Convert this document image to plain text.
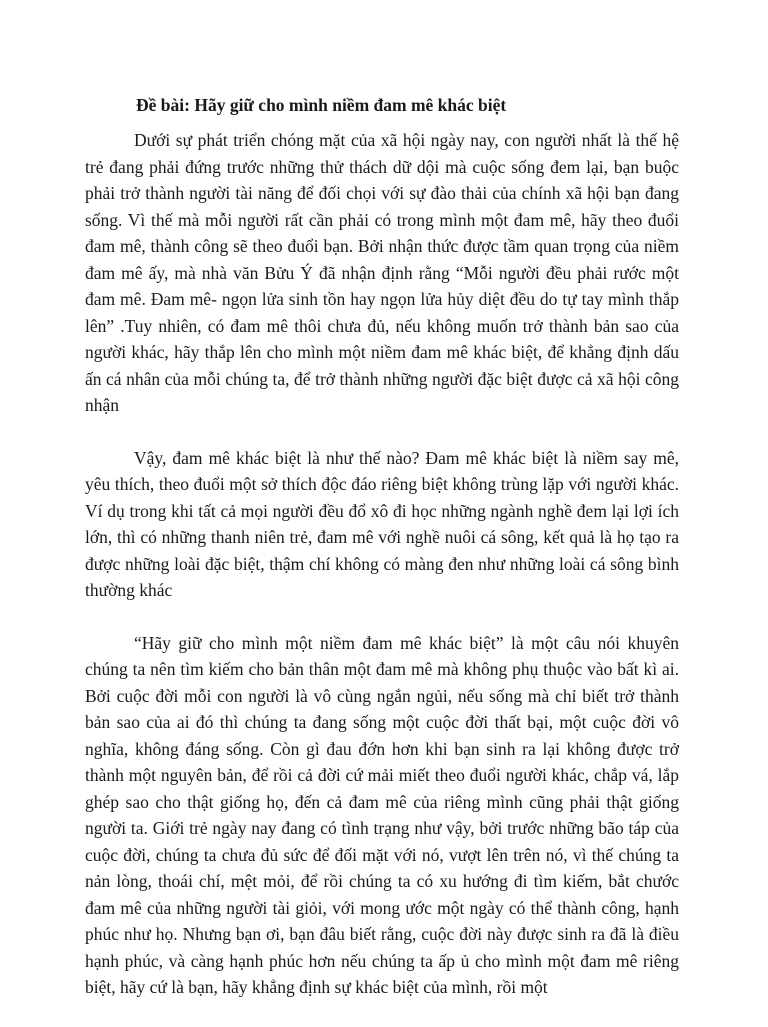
Đề bài: Hãy giữ cho mình niềm đam mê khác biệt

Dưới sự phát triển chóng mặt của xã hội ngày nay, con người nhất là thế hệ trẻ đang phải đứng trước những thử thách dữ dội mà cuộc sống đem lại, bạn buộc phải trở thành người tài năng để đối chọi với sự đào thải của chính xã hội bạn đang sống. Vì thế mà mỗi người rất cần phải có trong mình một đam mê, hãy theo đuổi đam mê, thành công sẽ theo đuổi bạn. Bởi nhận thức được tầm quan trọng của niềm đam mê ấy, mà nhà văn Bửu Ý đã nhận định rằng “Mỗi người đều phải rước một đam mê. Đam mê- ngọn lửa sinh tồn hay ngọn lửa hủy diệt đều do tự tay mình thắp lên” .Tuy nhiên, có đam mê thôi chưa đủ, nếu không muốn trở thành bản sao của người khác, hãy thắp lên cho mình một niềm đam mê khác biệt, để khẳng định dấu ấn cá nhân của mỗi chúng ta, để trở thành những người đặc biệt được cả xã hội công nhận

Vậy, đam mê khác biệt là như thế nào? Đam mê khác biệt là niềm say mê, yêu thích, theo đuổi một sở thích độc đáo riêng biệt không trùng lặp với người khác. Ví dụ trong khi tất cả mọi người đều đổ xô đi học những ngành nghề đem lại lợi ích lớn, thì có những thanh niên trẻ, đam mê với nghề nuôi cá sông, kết quả là họ tạo ra được những loài đặc biệt, thậm chí không có màng đen như những loài cá sông bình thường khác

“Hãy giữ cho mình một niềm đam mê khác biệt” là một câu nói khuyên chúng ta nên tìm kiếm cho bản thân một đam mê mà không phụ thuộc vào bất kì ai. Bởi cuộc đời mỗi con người là vô cùng ngắn ngủi, nếu sống mà chỉ biết trở thành bản sao của ai đó thì chúng ta đang sống một cuộc đời thất bại, một cuộc đời vô nghĩa, không đáng sống. Còn gì đau đớn hơn khi bạn sinh ra lại không được trở thành một nguyên bản, để rồi cả đời cứ mải miết theo đuổi người khác, chắp vá, lắp ghép sao cho thật giống họ, đến cả đam mê của riêng mình cũng phải thật giống người ta. Giới trẻ ngày nay đang có tình trạng như vậy, bởi trước những bão táp của cuộc đời, chúng ta chưa đủ sức để đối mặt với nó, vượt lên trên nó, vì thế chúng ta nản lòng, thoái chí, mệt mỏi, để rồi chúng ta có xu hướng đi tìm kiếm, bắt chước đam mê của những người tài giỏi, với mong ước một ngày có thể thành công, hạnh phúc như họ. Nhưng bạn ơi, bạn đâu biết rằng, cuộc đời này được sinh ra đã là điều hạnh phúc, và càng hạnh phúc hơn nếu chúng ta ấp ủ cho mình một đam mê riêng biệt, hãy cứ là bạn, hãy khẳng định sự khác biệt của mình, rồi một
